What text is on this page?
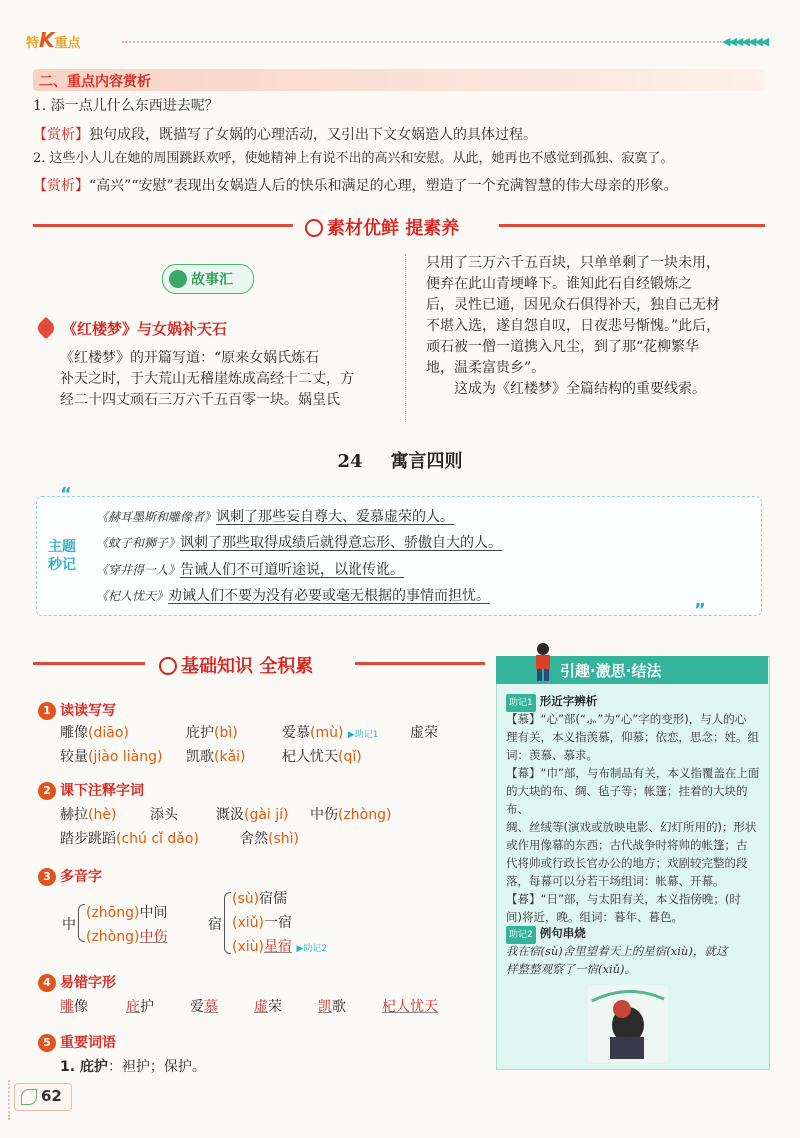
特K重点	◀◀◀◀◀◀◀
二、重点内容赏析
1. 添一点儿什么东西进去呢？
【赏析】独句成段，既描写了女娲的心理活动，又引出下文女娲造人的具体过程。
2. 这些小人儿在她的周围跳跃欢呼，使她精神上有说不出的高兴和安慰。从此，她再也不感觉到孤独、寂寞了。
【赏析】“高兴”“安慰”表现出女娲造人后的快乐和满足的心理，塑造了一个充满智慧的伟大母亲的形象。
素材优鲜 提素养
故事汇
《红楼梦》与女娲补天石
《红楼梦》的开篇写道：“原来女娲氏炼石
补天之时，于大荒山无稽崖炼成高经十二丈，方
经二十四丈顽石三万六千五百零一块。娲皇氏
只用了三万六千五百块，只单单剩了一块未用，
便弃在此山青埂峰下。谁知此石自经锻炼之
后，灵性已通，因见众石俱得补天，独自己无材
不堪入选，遂自怨自叹，日夜悲号惭愧。”此后，
顽石被一僧一道携入凡尘，到了那“花柳繁华
地，温柔富贵乡”。
　　这成为《红楼梦》全篇结构的重要线索。
24 寓言四则
“
”
主题秒记
《赫耳墨斯和雕像者》讽刺了那些妄自尊大、爱慕虚荣的人。
《蚊子和狮子》讽刺了那些取得成绩后就得意忘形、骄傲自大的人。
《穿井得一人》告诫人们不可道听途说，以讹传讹。
《杞人忧天》劝诫人们不要为没有必要或毫无根据的事情而担忧。
基础知识 全积累
1 读读写写
雕像(diāo)	庇护(bì)	爱慕(mù) ▶助记1 虚荣
较量(jiào liàng) 凯歌(kǎi)	杞人忧天(qǐ)
2 课下注释字词
赫拉(hè) 添头	溉汲(gài jí) 中伤(zhòng)
踏步跳蹈(chú cǐ dǎo)	舍然(shì)
3 多音字
中
(zhōng)中间
(zhòng)中伤
宿
(sù)宿儒
(xiǔ)一宿
(xiù)星宿 ▶助记2
4 易错字形
雕像	庇护	爱慕	虚荣	凯歌	杞人忧天
5 重要词语
1. 庇护：袒护；保护。
引趣·激思·结法
助记1 形近字辨析
【慕】“心”部(“⺗”为“心”字的变形)，与人的心
理有关，本义指羡慕，仰慕；依恋，思念；姓。组
词：羡慕、慕求。
【幕】“巾”部，与布制品有关，本义指覆盖在上面
的大块的布、绸、毡子等；帐篷；挂着的大块的布、
绸、丝绒等(演戏或放映电影、幻灯所用的)；形状
或作用像幕的东西；古代战争时将帅的帐篷；古
代将帅或行政长官办公的地方；戏剧较完整的段
落，每幕可以分若干场组词：帐幕、开幕。
【暮】“日”部，与太阳有关，本义指傍晚；(时
间)将近，晚。组词：暮年、暮色。
助记2 例句串烧
我在宿(sù)舍里望着天上的星宿(xiù)，就这
样整整观察了一宿(xiǔ)。
62
